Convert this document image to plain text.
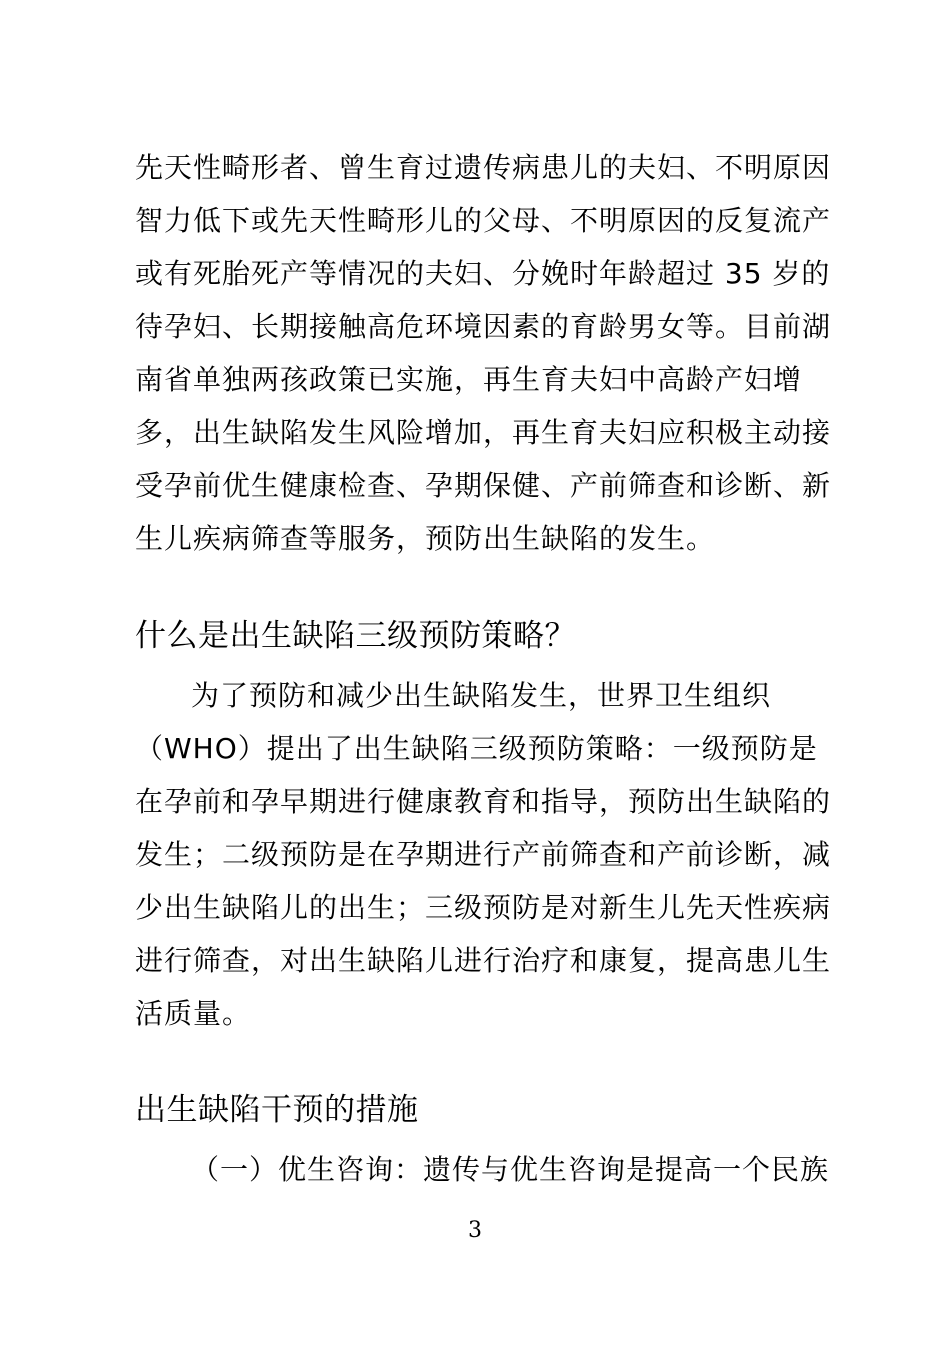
先天性畸形者、曾生育过遗传病患儿的夫妇、不明原因
智力低下或先天性畸形儿的父母、不明原因的反复流产
或有死胎死产等情况的夫妇、分娩时年龄超过 35 岁的
待孕妇、长期接触高危环境因素的育龄男女等。目前湖
南省单独两孩政策已实施，再生育夫妇中高龄产妇增
多，出生缺陷发生风险增加，再生育夫妇应积极主动接
受孕前优生健康检查、孕期保健、产前筛查和诊断、新
生儿疾病筛查等服务，预防出生缺陷的发生。
什么是出生缺陷三级预防策略？
为了预防和减少出生缺陷发生，世界卫生组织
（WHO）提出了出生缺陷三级预防策略：一级预防是
在孕前和孕早期进行健康教育和指导，预防出生缺陷的
发生；二级预防是在孕期进行产前筛查和产前诊断，减
少出生缺陷儿的出生；三级预防是对新生儿先天性疾病
进行筛查，对出生缺陷儿进行治疗和康复，提高患儿生
活质量。
出生缺陷干预的措施
（一）优生咨询：遗传与优生咨询是提高一个民族
3
